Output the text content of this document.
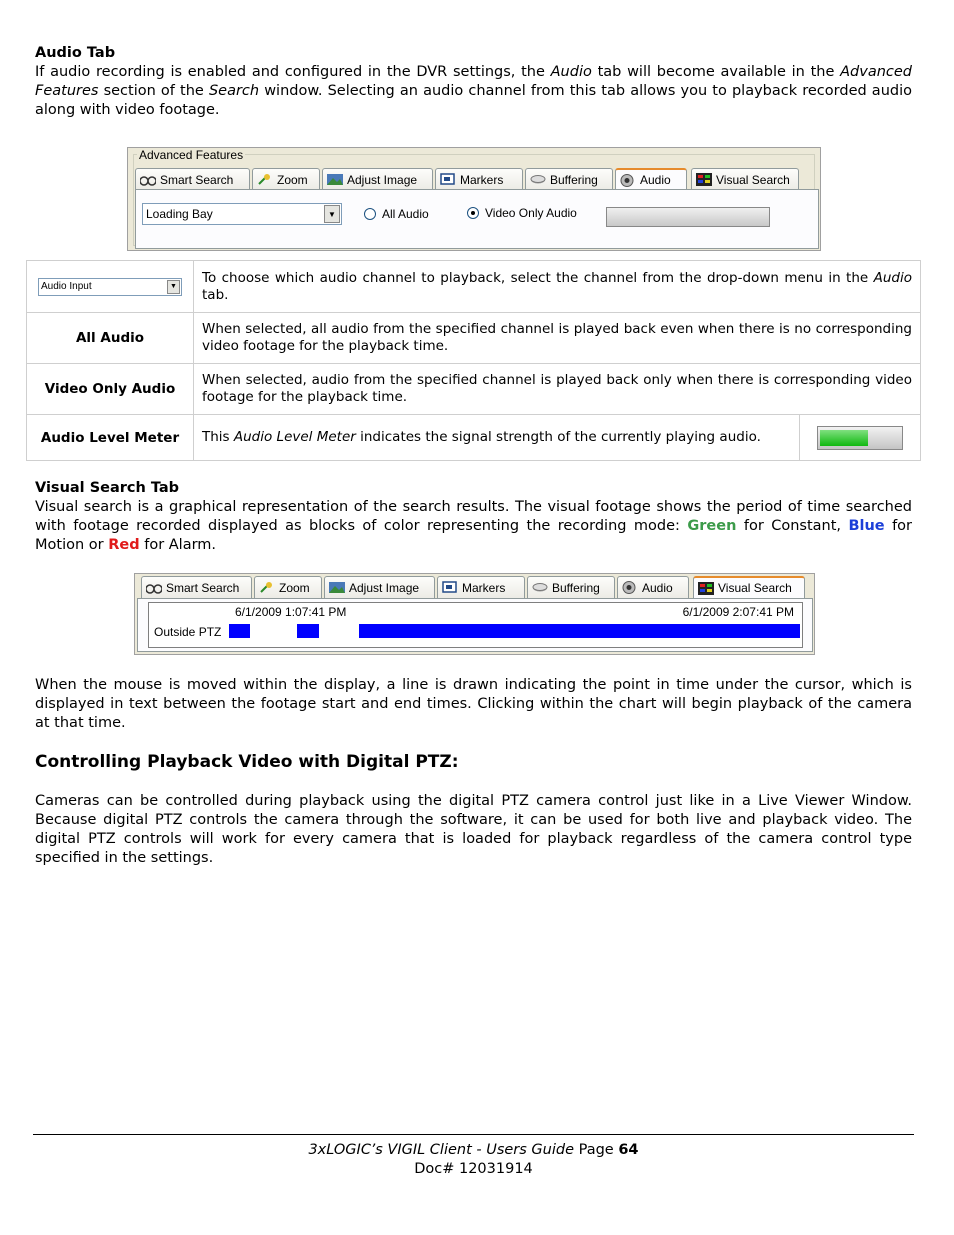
Audio Tab
If audio recording is enabled and configured in the DVR settings, the Audio tab will become available in the Advanced Features section of the Search window. Selecting an audio channel from this tab allows you to playback recorded audio along with video footage.
Advanced Features
Smart Search	Zoom	Adjust Image	Markers	Buffering	Audio	Visual Search
Loading Bay	▼	All Audio	Video Only Audio
Audio Input ▼	To choose which audio channel to playback, select the channel from the drop-down menu in the Audio tab.
All Audio	When selected, all audio from the specified channel is played back even when there is no corresponding video footage for the playback time.
Video Only Audio	When selected, audio from the specified channel is played back only when there is corresponding video footage for the playback time.
Audio Level Meter	This Audio Level Meter indicates the signal strength of the currently playing audio.
Visual Search Tab
Visual search is a graphical representation of the search results. The visual footage shows the period of time searched with footage recorded displayed as blocks of color representing the recording mode: Green for Constant, Blue for Motion or Red for Alarm.
Smart Search	Zoom	Adjust Image	Markers	Buffering	Audio	Visual Search
6/1/2009 1:07:41 PM	6/1/2009 2:07:41 PM
Outside PTZ
When the mouse is moved within the display, a line is drawn indicating the point in time under the cursor, which is displayed in text between the footage start and end times. Clicking within the chart will begin playback of the camera at that time.
Controlling Playback Video with Digital PTZ:
Cameras can be controlled during playback using the digital PTZ camera control just like in a Live Viewer Window. Because digital PTZ controls the camera through the software, it can be used for both live and playback video. The digital PTZ controls will work for every camera that is loaded for playback regardless of the camera control type specified in the settings.
3xLOGIC’s VIGIL Client - Users Guide Page 64
Doc# 12031914
